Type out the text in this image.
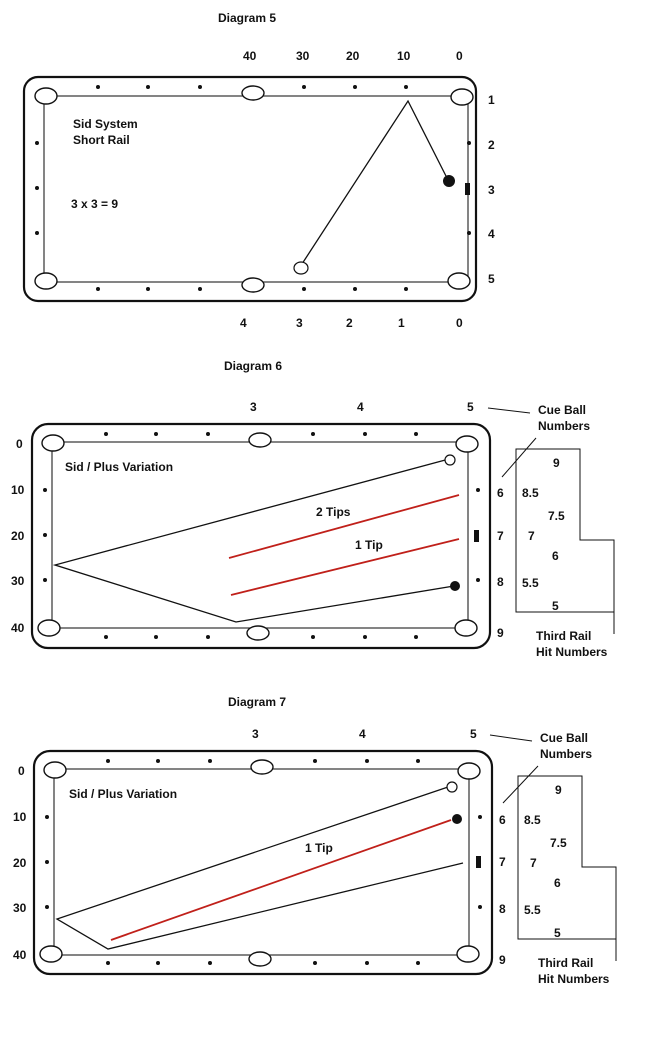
Diagram 5
40	30	20	10	0
Sid System
Short Rail
3 x 3 = 9
1
2
3
4
5
4	3	2	1	0
Diagram 6
3	4	5	Cue Ball
Numbers
Sid / Plus Variation
2 Tips
1 Tip
0
10
20
30
40
6
7
8
9
9
8.5
7.5
7
6
5.5
5
Third Rail
Hit Numbers
Diagram 7
3	4	5	Cue Ball
Numbers
Sid / Plus Variation
1 Tip
0
10
20
30
40
6
7
8
9
9
8.5
7.5
7
6
5.5
5
Third Rail
Hit Numbers
